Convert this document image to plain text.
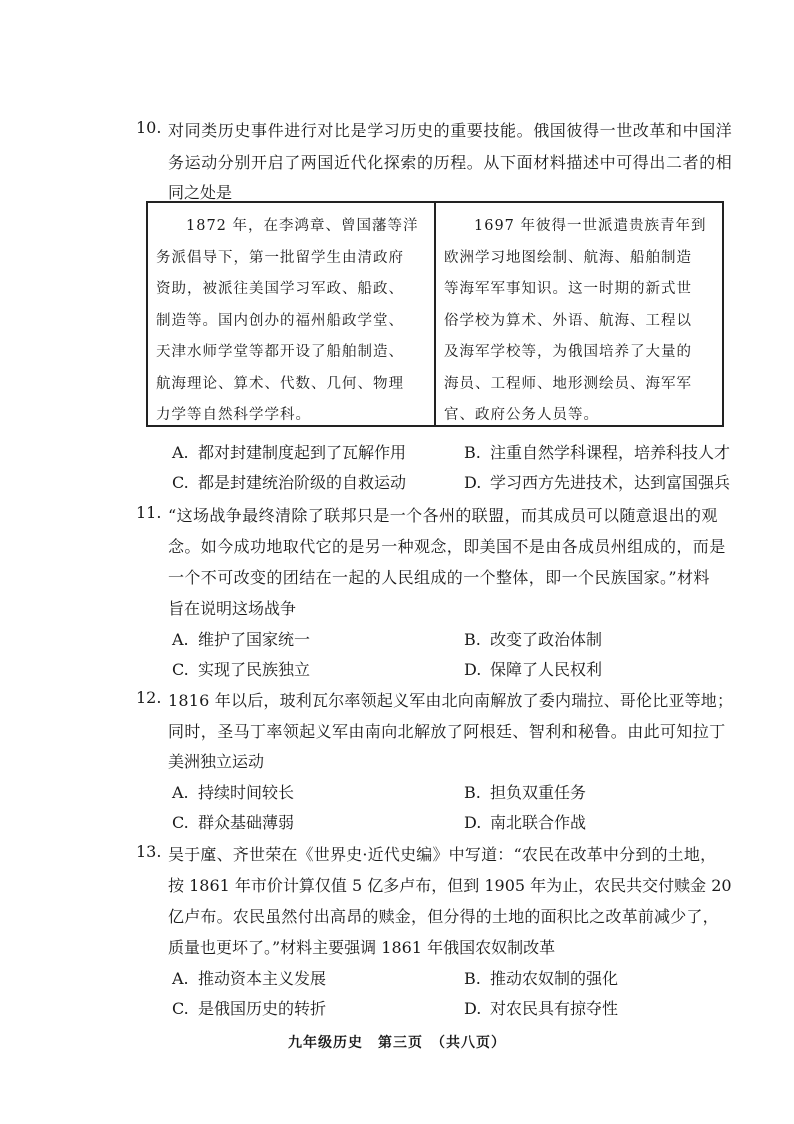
10. 对同类历史事件进行对比是学习历史的重要技能。俄国彼得一世改革和中国洋
务运动分别开启了两国近代化探索的历程。从下面材料描述中可得出二者的相
同之处是
1872 年，在李鸿章、曾国藩等洋
务派倡导下，第一批留学生由清政府
资助，被派往美国学习军政、船政、
制造等。国内创办的福州船政学堂、
天津水师学堂等都开设了船舶制造、
航海理论、算术、代数、几何、物理
力学等自然科学学科。
1697 年彼得一世派遣贵族青年到
欧洲学习地图绘制、航海、船舶制造
等海军军事知识。这一时期的新式世
俗学校为算术、外语、航海、工程以
及海军学校等，为俄国培养了大量的
海员、工程师、地形测绘员、海军军
官、政府公务人员等。
A. 都对封建制度起到了瓦解作用	B. 注重自然学科课程，培养科技人才
C. 都是封建统治阶级的自救运动	D. 学习西方先进技术，达到富国强兵
11. “这场战争最终清除了联邦只是一个各州的联盟，而其成员可以随意退出的观
念。如今成功地取代它的是另一种观念，即美国不是由各成员州组成的，而是
一个不可改变的团结在一起的人民组成的一个整体，即一个民族国家。”材料
旨在说明这场战争
A. 维护了国家统一	B. 改变了政治体制
C. 实现了民族独立	D. 保障了人民权利
12. 1816 年以后，玻利瓦尔率领起义军由北向南解放了委内瑞拉、哥伦比亚等地；
同时，圣马丁率领起义军由南向北解放了阿根廷、智利和秘鲁。由此可知拉丁
美洲独立运动
A. 持续时间较长	B. 担负双重任务
C. 群众基础薄弱	D. 南北联合作战
13. 吴于廑、齐世荣在《世界史·近代史编》中写道：“农民在改革中分到的土地，
按 1861 年市价计算仅值 5 亿多卢布，但到 1905 年为止，农民共交付赎金 20
亿卢布。农民虽然付出高昂的赎金，但分得的土地的面积比之改革前减少了，
质量也更坏了。”材料主要强调 1861 年俄国农奴制改革
A. 推动资本主义发展	B. 推动农奴制的强化
C. 是俄国历史的转折	D. 对农民具有掠夺性
九年级历史　第三页　（共八页）
